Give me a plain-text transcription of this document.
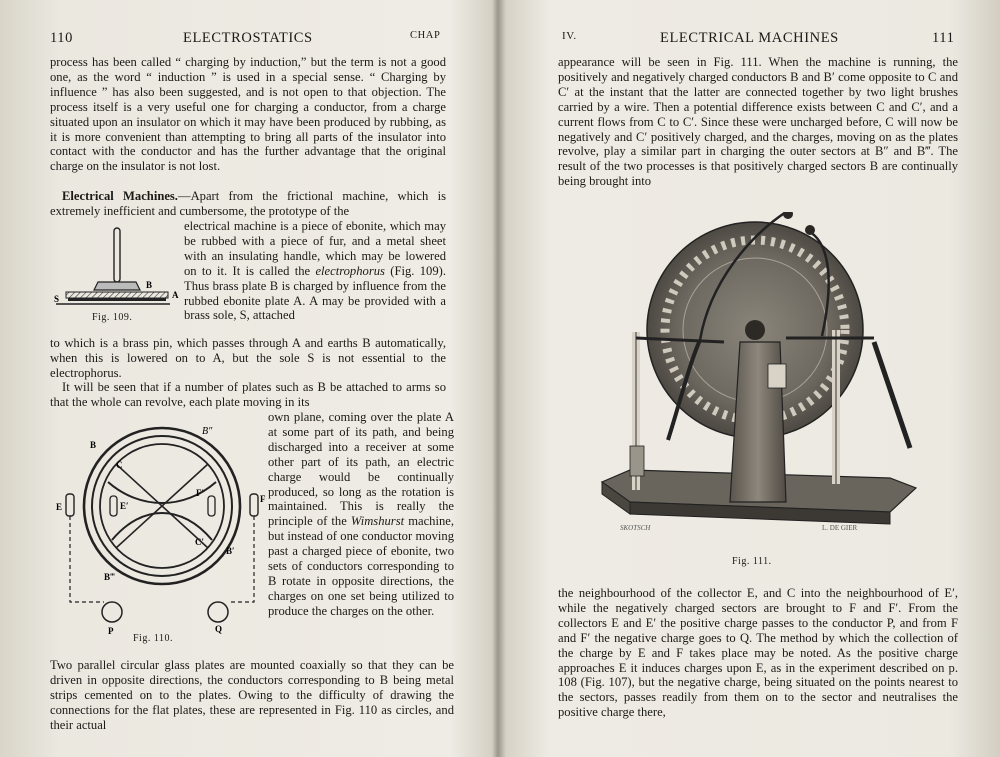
110	ELECTROSTATICS	CHAP

process has been called “ charging by induction,” but the term is not a good one, as the word “ induction ” is used in a special sense. “ Charging by influence ” has also been suggested, and is not open to that objection. The process itself is a very useful one for charging a conductor, from a charge situated upon an insulator on which it may have been produced by rubbing, as it is more convenient than attempting to bring all parts of the insulator into contact with the conductor and has the further advantage that the original charge on the insulator is not lost.

Electrical Machines.—Apart from the frictional machine, which is extremely inefficient and cumbersome, the prototype of the

electrical machine is a piece of ebonite, which may be rubbed with a piece of fur, and a metal sheet with an insulating handle, which may be lowered on to it. It is called the electrophorus (Fig. 109). Thus brass plate B is charged by influence from the rubbed ebonite plate A. A may be provided with a brass sole, S, attached

B
A
S
Fig. 109.

to which is a brass pin, which passes through A and earths B automatically, when this is lowered on to A, but the sole S is not essential to the electrophorus.

It will be seen that if a number of plates such as B be attached to arms so that the whole can revolve, each plate moving in its

own plane, coming over the plate A at some part of its path, and being discharged into a receiver at some other part of its path, an electric charge would be continually produced, so long as the rotation is maintained. This is really the principle of the Wimshurst machine, but instead of one conductor moving past a charged piece of ebonite, two sets of conductors corresponding to B rotate in opposite directions, the charges on one set being utilized to produce the charges on the other.

B
B″
B‴
B′
C
C′
E	E′
F
F′
P	Q
Fig. 110.

Two parallel circular glass plates are mounted coaxially so that they can be driven in opposite directions, the conductors corresponding to B being metal strips cemented on to the plates. Owing to the difficulty of drawing the connections for the flat plates, these are represented in Fig. 110 as circles, and their actual

IV.	ELECTRICAL MACHINES	111

appearance will be seen in Fig. 111. When the machine is running, the positively and negatively charged conductors B and B′ come opposite to C and C′ at the instant that the latter are connected together by two light brushes carried by a wire. Then a potential difference exists between C and C′, and a current flows from C to C′. Since these were uncharged before, C will now be negatively and C′ positively charged, and the charges, moving on as the plates revolve, play a similar part in charging the outer sectors at B″ and B‴. The result of the two processes is that positively charged sectors B are continually being brought into

SKOTSCH	L. DE GIER
Fig. 111.

the neighbourhood of the collector E, and C into the neighbourhood of E′, while the negatively charged sectors are brought to F and F′. From the collectors E and E′ the positive charge passes to the conductor P, and from F and F′ the negative charge goes to Q. The method by which the collection of the charge by E and F takes place may be noted. As the positive charge approaches E it induces charges upon E, as in the experiment described on p. 108 (Fig. 107), but the negative charge, being situated on the points nearest to the sectors, passes readily from them on to the sector and neutralises the positive charge there,
